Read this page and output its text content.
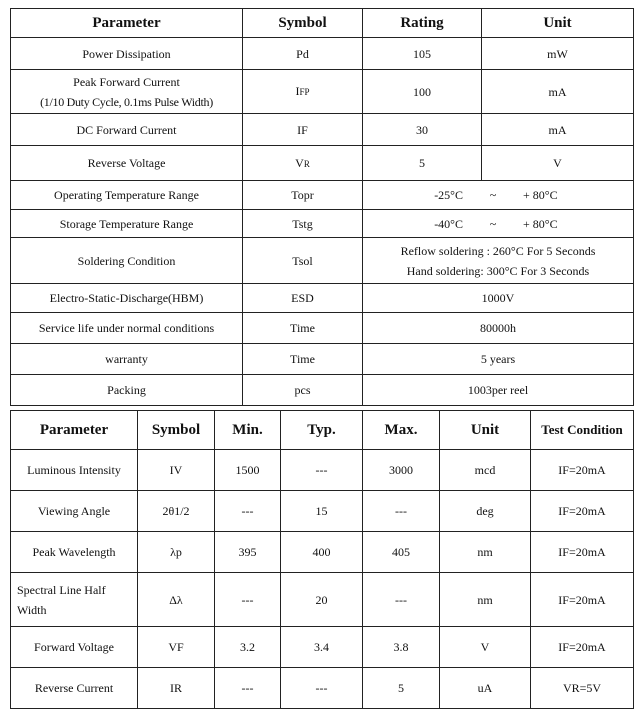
Parameter	Symbol	Rating	Unit
Power Dissipation	Pd	105	mW

Peak Forward Current
(1/10 Duty Cycle, 0.1ms Pulse Width)	IFP	100	mA
DC Forward Current	IF	30	mA
Reverse Voltage	VR	5	V
Operating Temperature Range	Topr	-25°C ~ + 80°C	
Storage Temperature Range	Tstg	-40°C ~ + 80°C	
Soldering Condition	Tsol	Reflow soldering : 260°C For 5 Seconds
Hand soldering: 300°C For 3 Seconds	

Electro-Static-Discharge(HBM)	ESD	1000V	
Service life under normal conditions	Time	80000h	
warranty	Time	5 years	
Packing	pcs	1003per reel	
Parameter	Symbol	Min.	Typ.	Max.	Unit	Test Condition
Luminous Intensity	IV	1500	---	3000	mcd	IF=20mA
Viewing Angle	2θ1/2	---	15	---	deg	IF=20mA
Peak Wavelength	λp	395	400	405	nm	IF=20mA

Spectral Line Half
Width	Δλ	---	20	---	nm	IF=20mA
Forward Voltage	VF	3.2	3.4	3.8	V	IF=20mA
Reverse Current	IR	---	---	5	uA	VR=5V
